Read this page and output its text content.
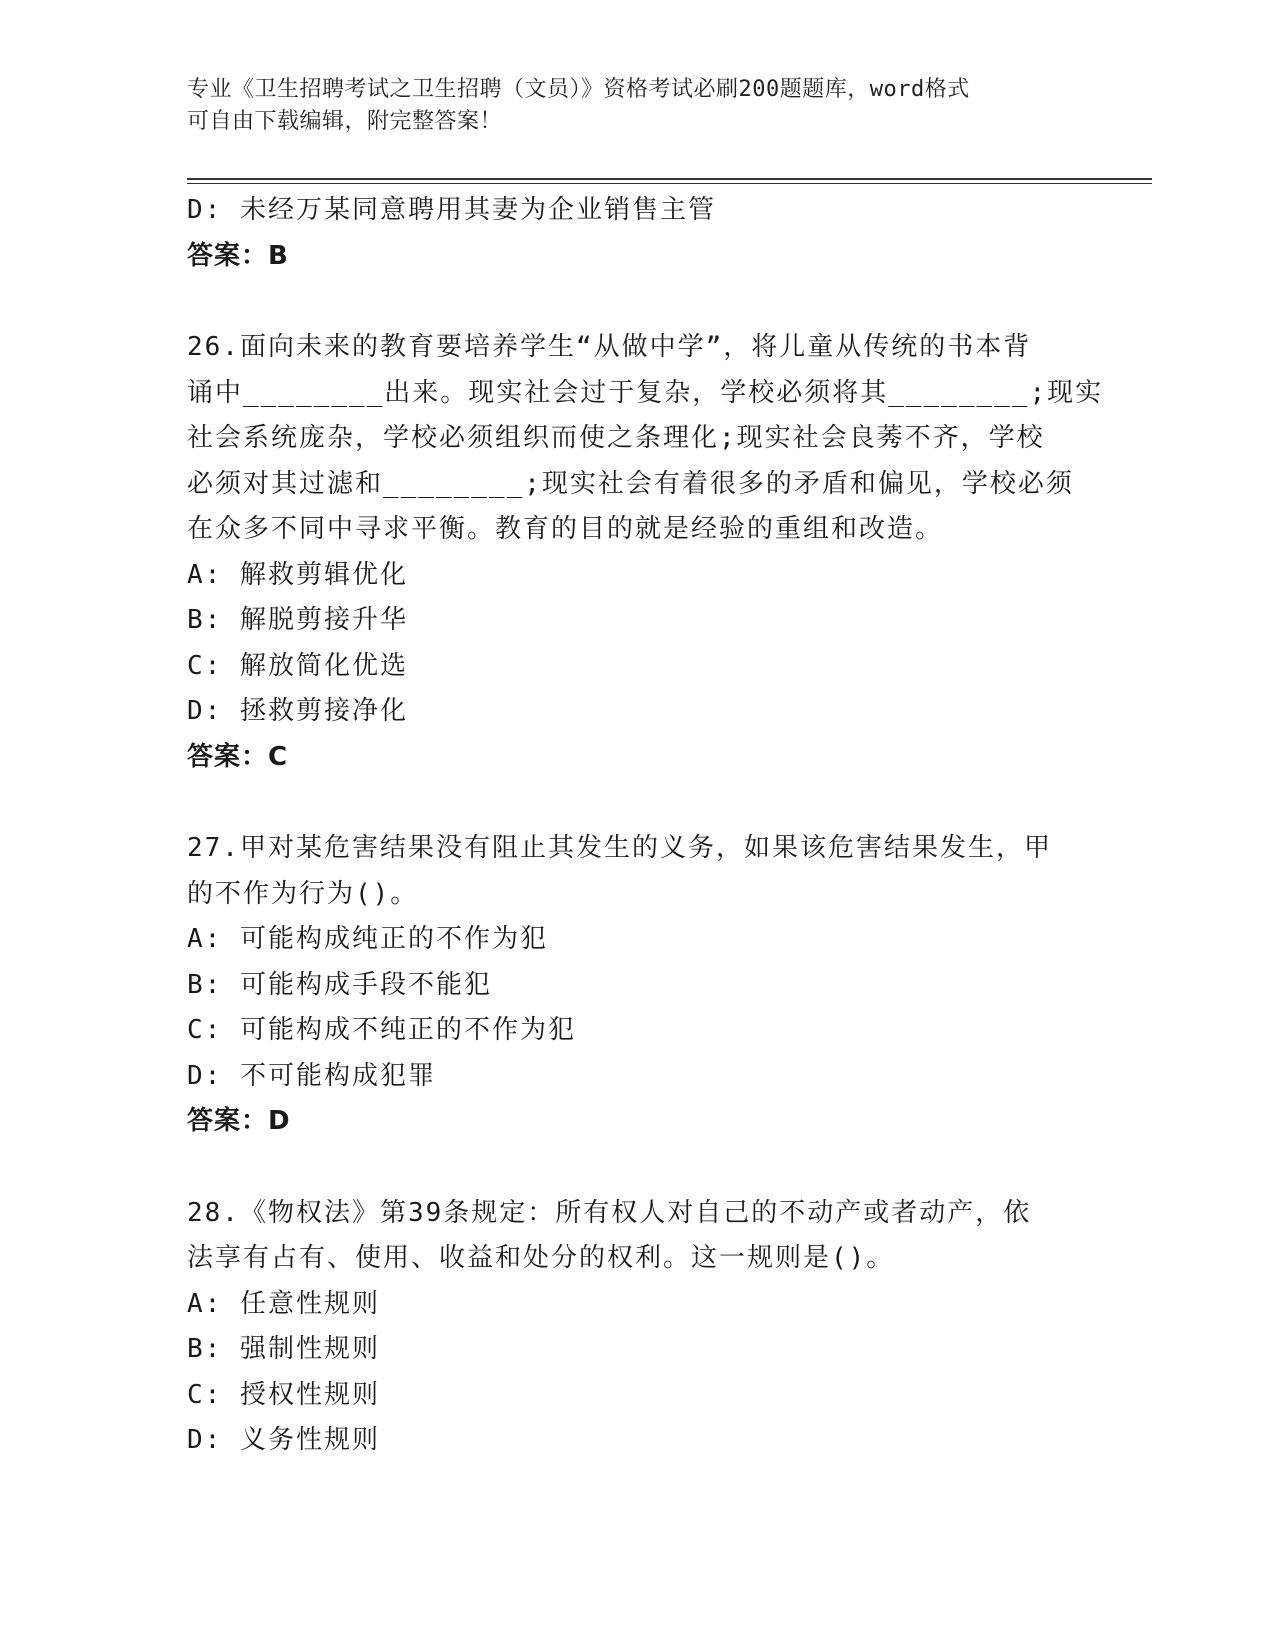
专业《卫生招聘考试之卫生招聘（文员）》资格考试必刷200题题库，word格式
可自由下载编辑，附完整答案！
D: 未经万某同意聘用其妻为企业销售主管
答案：B
26.面向未来的教育要培养学生“从做中学”，将儿童从传统的书本背
诵中________出来。现实社会过于复杂，学校必须将其________;现实
社会系统庞杂，学校必须组织而使之条理化;现实社会良莠不齐，学校
必须对其过滤和________;现实社会有着很多的矛盾和偏见，学校必须
在众多不同中寻求平衡。教育的目的就是经验的重组和改造。
A: 解救剪辑优化
B: 解脱剪接升华
C: 解放简化优选
D: 拯救剪接净化
答案：C
27.甲对某危害结果没有阻止其发生的义务，如果该危害结果发生，甲
的不作为行为()。
A: 可能构成纯正的不作为犯
B: 可能构成手段不能犯
C: 可能构成不纯正的不作为犯
D: 不可能构成犯罪
答案：D
28.《物权法》第39条规定：所有权人对自己的不动产或者动产，依
法享有占有、使用、收益和处分的权利。这一规则是()。
A: 任意性规则
B: 强制性规则
C: 授权性规则
D: 义务性规则
